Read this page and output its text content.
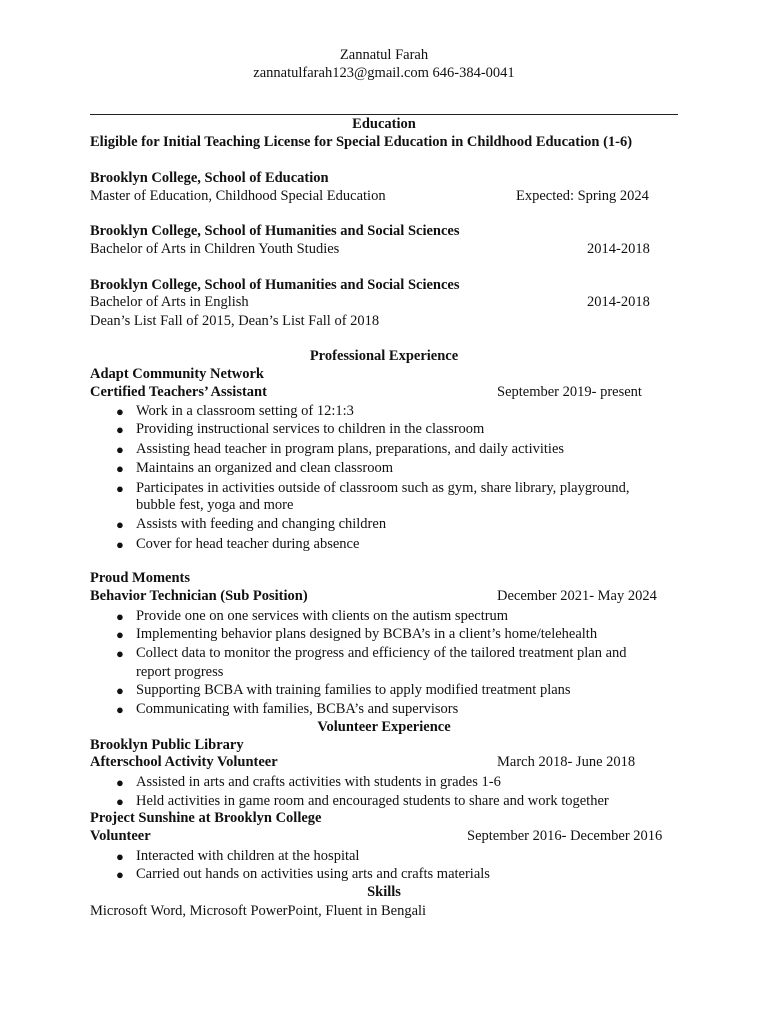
Zannatul Farah
zannatulfarah123@gmail.com 646-384-0041
Education
Eligible for Initial Teaching License for Special Education in Childhood Education (1-6)
Brooklyn College, School of Education
Master of Education, Childhood Special Education	Expected: Spring 2024
Brooklyn College, School of Humanities and Social Sciences
Bachelor of Arts in Children Youth Studies	2014-2018
Brooklyn College, School of Humanities and Social Sciences
Bachelor of Arts in English	2014-2018
Dean’s List Fall of 2015, Dean’s List Fall of 2018
Professional Experience
Adapt Community Network
Certified Teachers’ Assistant	September 2019- present
● Work in a classroom setting of 12:1:3
● Providing instructional services to children in the classroom
● Assisting head teacher in program plans, preparations, and daily activities
● Maintains an organized and clean classroom
● Participates in activities outside of classroom such as gym, share library, playground,
bubble fest, yoga and more
● Assists with feeding and changing children
● Cover for head teacher during absence
Proud Moments
Behavior Technician (Sub Position)	December 2021- May 2024
● Provide one on one services with clients on the autism spectrum
● Implementing behavior plans designed by BCBA’s in a client’s home/telehealth
● Collect data to monitor the progress and efficiency of the tailored treatment plan and
report progress
● Supporting BCBA with training families to apply modified treatment plans
● Communicating with families, BCBA’s and supervisors
Volunteer Experience
Brooklyn Public Library
Afterschool Activity Volunteer	March 2018- June 2018
● Assisted in arts and crafts activities with students in grades 1-6
● Held activities in game room and encouraged students to share and work together
Project Sunshine at Brooklyn College
Volunteer	September 2016- December 2016
● Interacted with children at the hospital
● Carried out hands on activities using arts and crafts materials
Skills
Microsoft Word, Microsoft PowerPoint, Fluent in Bengali
